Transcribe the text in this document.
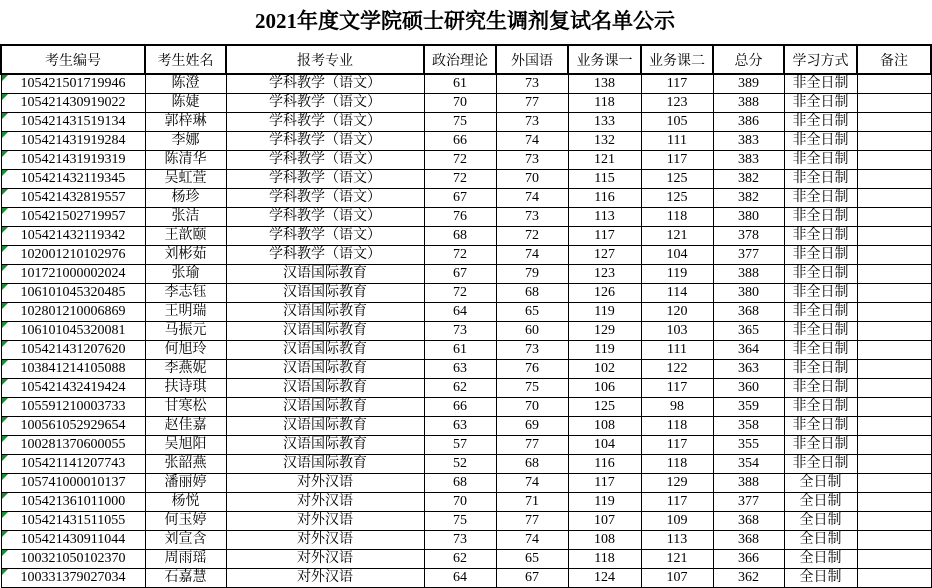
2021年度文学院硕士研究生调剂复试名单公示
考生编号	考生姓名	报考专业	政治理论	外国语	业务课一	业务课二	总分	学习方式	备注

105421501719946	陈澄	学科教学（语文）	61	73	138	117	389	非全日制	

105421430919022	陈婕	学科教学（语文）	70	77	118	123	388	非全日制	

105421431519134	郭梓琳	学科教学（语文）	75	73	133	105	386	非全日制	

105421431919284	李娜	学科教学（语文）	66	74	132	111	383	非全日制	

105421431919319	陈清华	学科教学（语文）	72	73	121	117	383	非全日制	

105421432119345	吴虹萱	学科教学（语文）	72	70	115	125	382	非全日制	

105421432819557	杨珍	学科教学（语文）	67	74	116	125	382	非全日制	

105421502719957	张洁	学科教学（语文）	76	73	113	118	380	非全日制	

105421432119342	王歆颐	学科教学（语文）	68	72	117	121	378	非全日制	

102001210102976	刘彬茹	学科教学（语文）	72	74	127	104	377	非全日制	

101721000002024	张瑜	汉语国际教育	67	79	123	119	388	非全日制	

106101045320485	李志钰	汉语国际教育	72	68	126	114	380	非全日制	

102801210006869	王明瑞	汉语国际教育	64	65	119	120	368	非全日制	

106101045320081	马振元	汉语国际教育	73	60	129	103	365	非全日制	

105421431207620	何旭玲	汉语国际教育	61	73	119	111	364	非全日制	

103841214105088	李燕妮	汉语国际教育	63	76	102	122	363	非全日制	

105421432419424	扶诗琪	汉语国际教育	62	75	106	117	360	非全日制	

105591210003733	甘寒松	汉语国际教育	66	70	125	98	359	非全日制	

100561052929654	赵佳嘉	汉语国际教育	63	69	108	118	358	非全日制	

100281370600055	吴旭阳	汉语国际教育	57	77	104	117	355	非全日制	

105421141207743	张韶燕	汉语国际教育	52	68	116	118	354	非全日制	

105741000010137	潘丽婷	对外汉语	68	74	117	129	388	全日制	

105421361011000	杨悦	对外汉语	70	71	119	117	377	全日制	

105421431511055	何玉婷	对外汉语	75	77	107	109	368	全日制	

105421430911044	刘宣含	对外汉语	73	74	108	113	368	全日制	

100321050102370	周雨瑶	对外汉语	62	65	118	121	366	全日制	

100331379027034	石嘉慧	对外汉语	64	67	124	107	362	全日制	
